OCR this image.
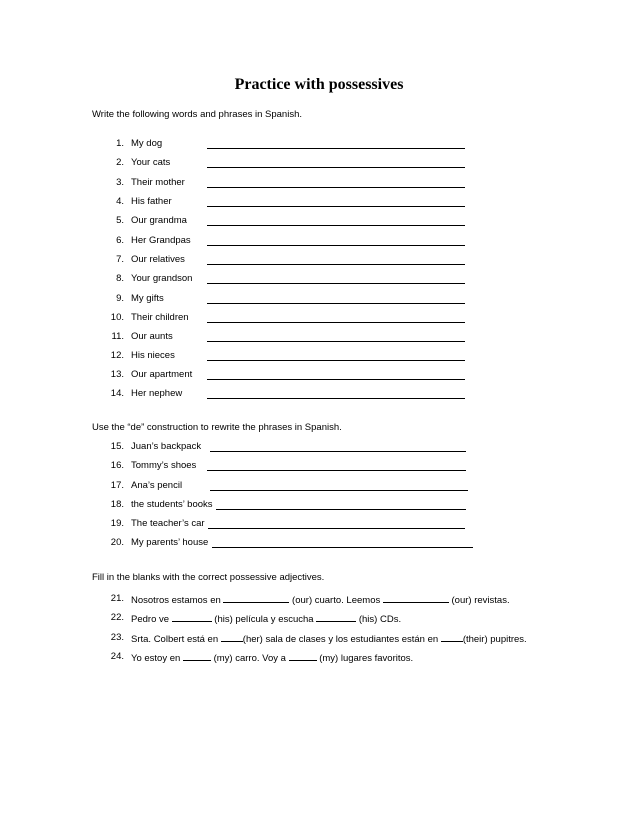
Practice with possessives
Write the following words and phrases in Spanish.
1. My dog
2. Your cats
3. Their mother
4. His father
5. Our grandma
6. Her Grandpas
7. Our relatives
8. Your grandson
9. My gifts
10. Their children
11. Our aunts
12. His nieces
13. Our apartment
14. Her nephew
Use the “de” construction to rewrite the phrases in Spanish.
15. Juan’s backpack
16. Tommy’s shoes
17. Ana’s pencil
18. the students’ books
19. The teacher’s car
20. My parents’ house
Fill in the blanks with the correct possessive adjectives.
21. Nosotros estamos en	(our) cuarto. Leemos	(our) revistas.
22. Pedro ve	(his) película y escucha	(his) CDs.
23. Srta. Colbert está en (her) sala de clases y los estudiantes están en (their) pupitres.
24. Yo estoy en	(my) carro. Voy a	(my) lugares favoritos.
